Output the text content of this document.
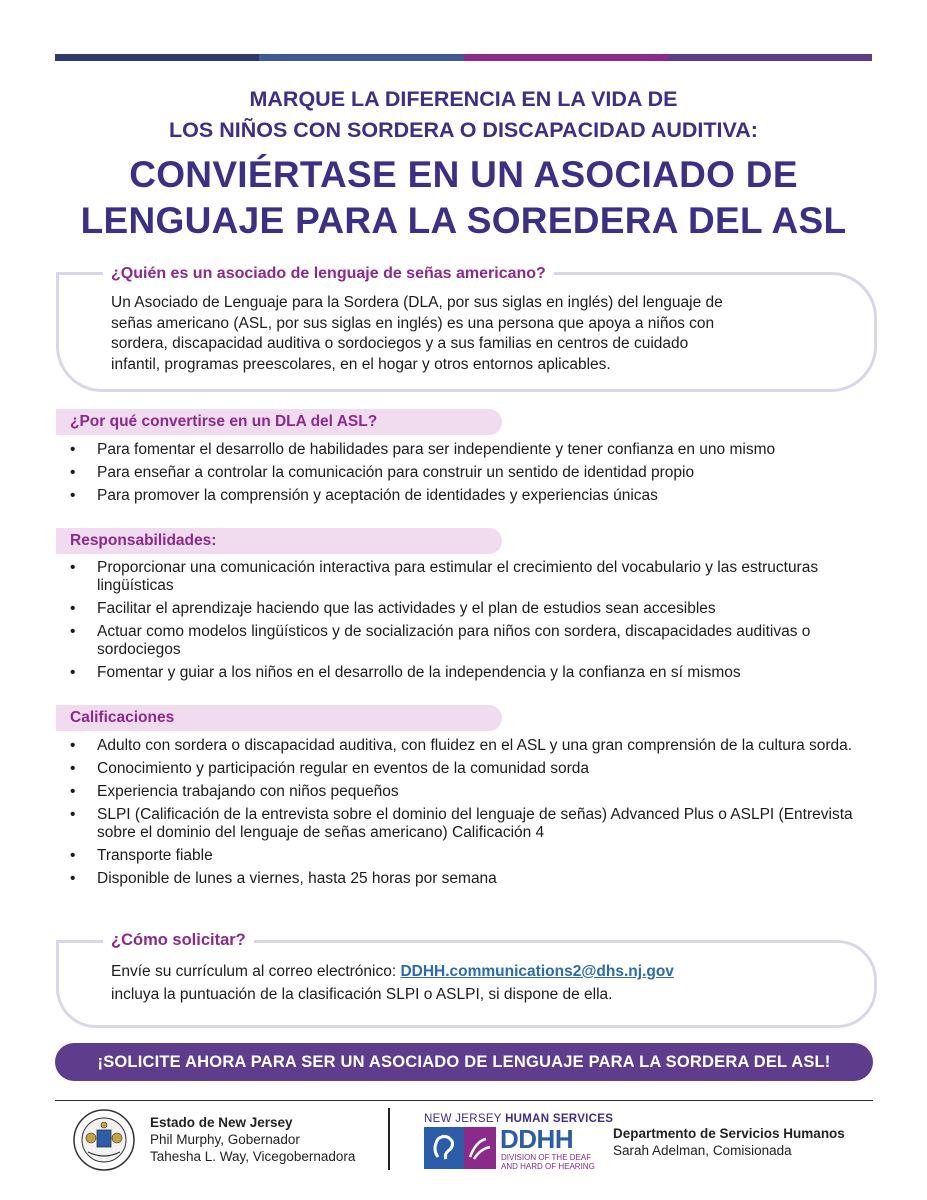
MARQUE LA DIFERENCIA EN LA VIDA DE
LOS NIÑOS CON SORDERA O DISCAPACIDAD AUDITIVA:
CONVIÉRTASE EN UN ASOCIADO DE
LENGUAJE PARA LA SOREDERA DEL ASL
¿Quién es un asociado de lenguaje de señas americano?
Un Asociado de Lenguaje para la Sordera (DLA, por sus siglas en inglés) del lenguaje de
señas americano (ASL, por sus siglas en inglés) es una persona que apoya a niños con
sordera, discapacidad auditiva o sordociegos y a sus familias en centros de cuidado
infantil, programas preescolares, en el hogar y otros entornos aplicables.
¿Por qué convertirse en un DLA del ASL?
• Para fomentar el desarrollo de habilidades para ser independiente y tener confianza en uno mismo
• Para enseñar a controlar la comunicación para construir un sentido de identidad propio
• Para promover la comprensión y aceptación de identidades y experiencias únicas
Responsabilidades:
• Proporcionar una comunicación interactiva para estimular el crecimiento del vocabulario y las estructuras lingüísticas
• Facilitar el aprendizaje haciendo que las actividades y el plan de estudios sean accesibles
• Actuar como modelos lingüísticos y de socialización para niños con sordera, discapacidades auditivas o sordociegos
• Fomentar y guiar a los niños en el desarrollo de la independencia y la confianza en sí mismos
Calificaciones
• Adulto con sordera o discapacidad auditiva, con fluidez en el ASL y una gran comprensión de la cultura sorda.
• Conocimiento y participación regular en eventos de la comunidad sorda
• Experiencia trabajando con niños pequeños
• SLPI (Calificación de la entrevista sobre el dominio del lenguaje de señas) Advanced Plus o ASLPI (Entrevista sobre el dominio del lenguaje de señas americano) Calificación 4
• Transporte fiable
• Disponible de lunes a viernes, hasta 25 horas por semana
¿Cómo solicitar?
Envíe su currículum al correo electrónico: DDHH.communications2@dhs.nj.gov
incluya la puntuación de la clasificación SLPI o ASLPI, si dispone de ella.
¡SOLICITE AHORA PARA SER UN ASOCIADO DE LENGUAJE PARA LA SORDERA DEL ASL!
Estado de New Jersey
Phil Murphy, Gobernador
Tahesha L. Way, Vicegobernadora
NEW JERSEY HUMAN SERVICES
DDHH
DIVISION OF THE DEAF
AND HARD OF HEARING
Departmento de Servicios Humanos
Sarah Adelman, Comisionada
